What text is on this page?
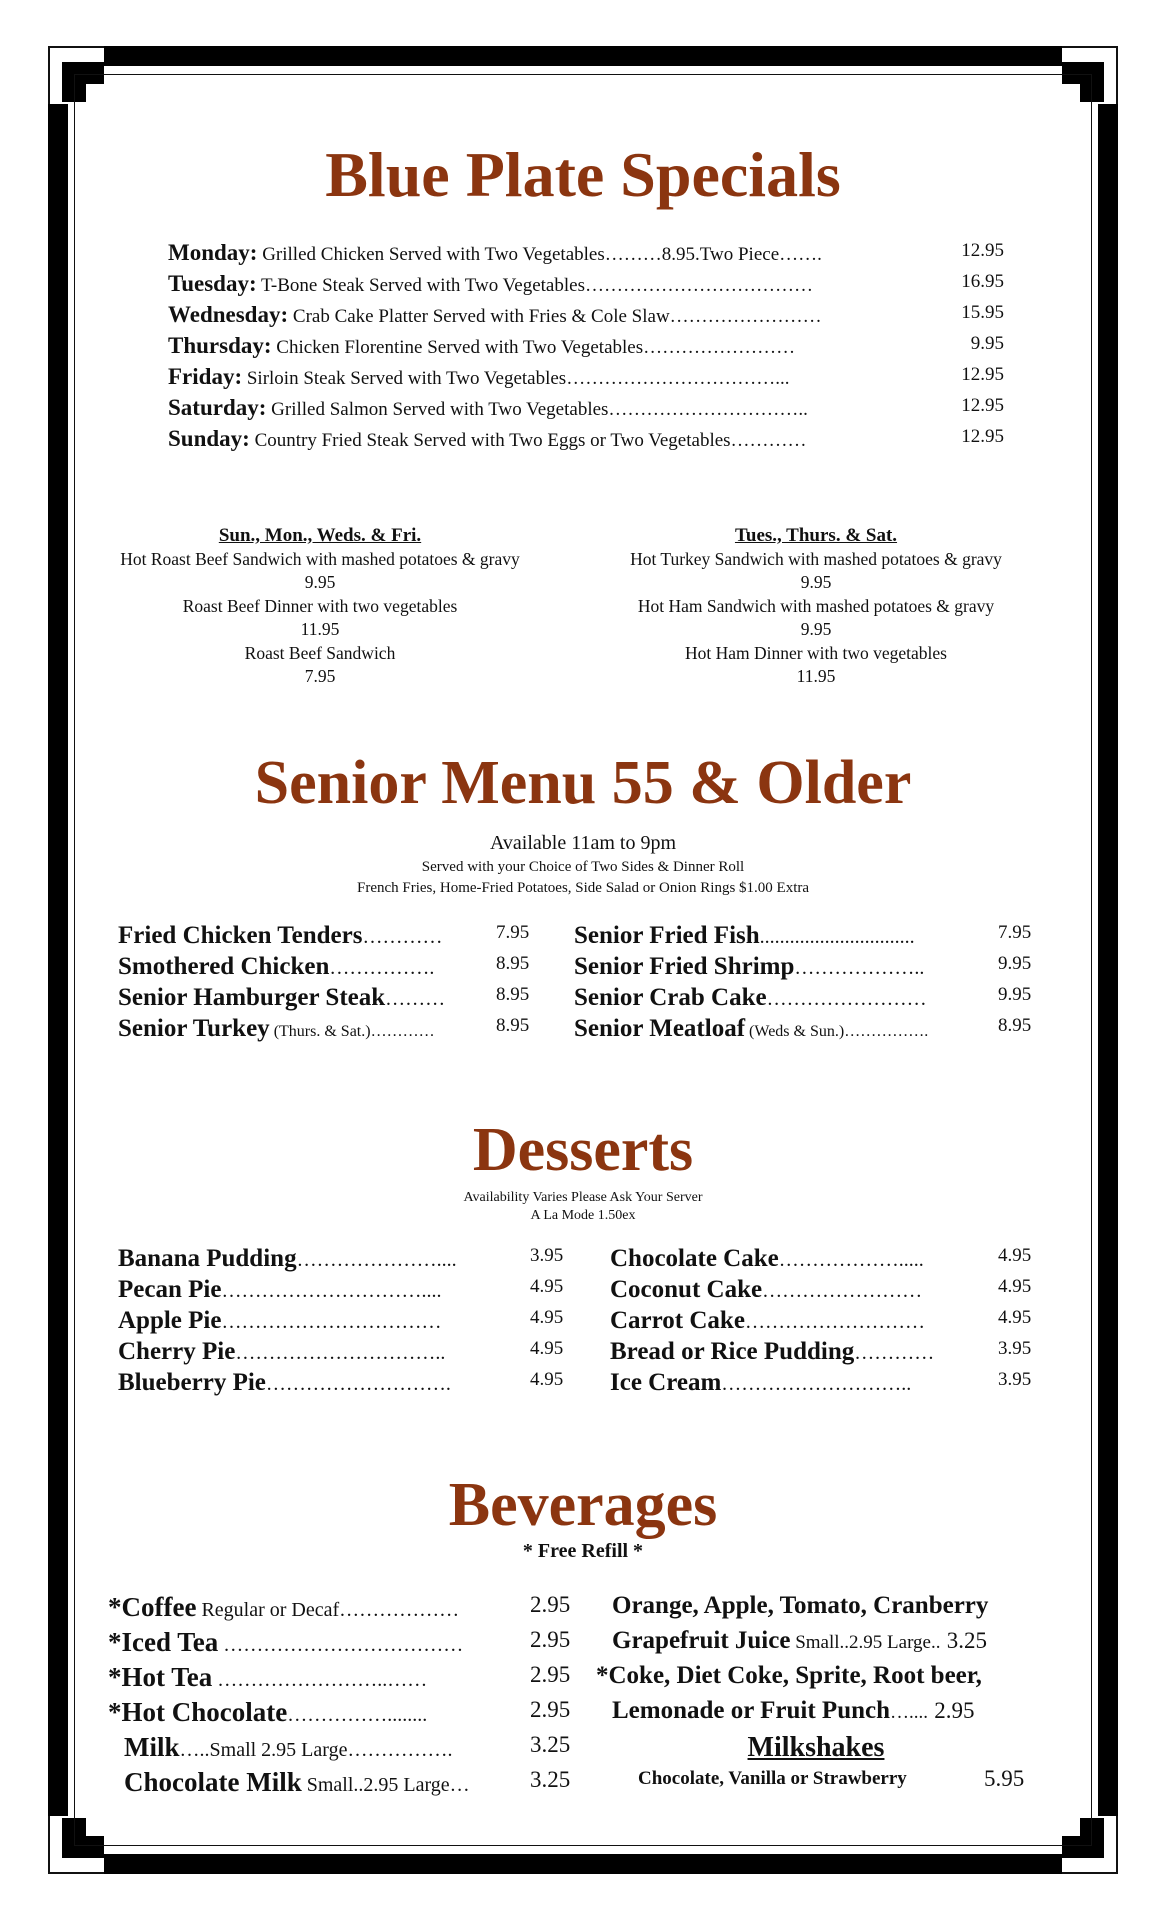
Blue Plate Specials
Monday: Grilled Chicken Served with Two Vegetables………8.95.Two Piece…….	12.95
Tuesday: T-Bone Steak Served with Two Vegetables………………………………	16.95
Wednesday: Crab Cake Platter Served with Fries & Cole Slaw……………………	15.95
Thursday: Chicken Florentine Served with Two Vegetables……………………	9.95
Friday: Sirloin Steak Served with Two Vegetables……………………………...	12.95
Saturday: Grilled Salmon Served with Two Vegetables…………………………..	12.95
Sunday: Country Fried Steak Served with Two Eggs or Two Vegetables…………	12.95
Sun., Mon., Weds. & Fri.
Hot Roast Beef Sandwich with mashed potatoes & gravy
9.95
Roast Beef Dinner with two vegetables
11.95
Roast Beef Sandwich
7.95
Tues., Thurs. & Sat.
Hot Turkey Sandwich with mashed potatoes & gravy
9.95
Hot Ham Sandwich with mashed potatoes & gravy
9.95
Hot Ham Dinner with two vegetables
11.95
Senior Menu 55 & Older
Available 11am to 9pm
Served with your Choice of Two Sides & Dinner Roll
French Fries, Home-Fried Potatoes, Side Salad or Onion Rings $1.00 Extra
Fried Chicken Tenders…………	7.95
Smothered Chicken…………….	8.95
Senior Hamburger Steak………	8.95
Senior Turkey (Thurs. & Sat.)…………	8.95
Senior Fried Fish...............................	7.95
Senior Fried Shrimp………………..	9.95
Senior Crab Cake……………………	9.95
Senior Meatloaf (Weds & Sun.)…………….	8.95
Desserts
Availability Varies Please Ask Your Server
A La Mode 1.50ex
Banana Pudding…………………....	3.95
Pecan Pie…………………………....	4.95
Apple Pie……………………………	4.95
Cherry Pie…………………………..	4.95
Blueberry Pie……………………….	4.95
Chocolate Cake……………….....	4.95
Coconut Cake……………………	4.95
Carrot Cake………………………	4.95
Bread or Rice Pudding…………	3.95
Ice Cream………………………..	3.95
Beverages
* Free Refill *
*Coffee Regular or Decaf………………	2.95
*Iced Tea ………………………………	2.95
*Hot Tea ……………………..……	2.95
*Hot Chocolate……………........	2.95
Milk…..Small 2.95 Large…………….	3.25
Chocolate Milk Small..2.95 Large…	3.25
Orange, Apple, Tomato, Cranberry
Grapefruit Juice Small..2.95 Large.. 3.25
*Coke, Diet Coke, Sprite, Root beer,
Lemonade or Fruit Punch….... 2.95
Milkshakes
Chocolate, Vanilla or Strawberry	5.95
